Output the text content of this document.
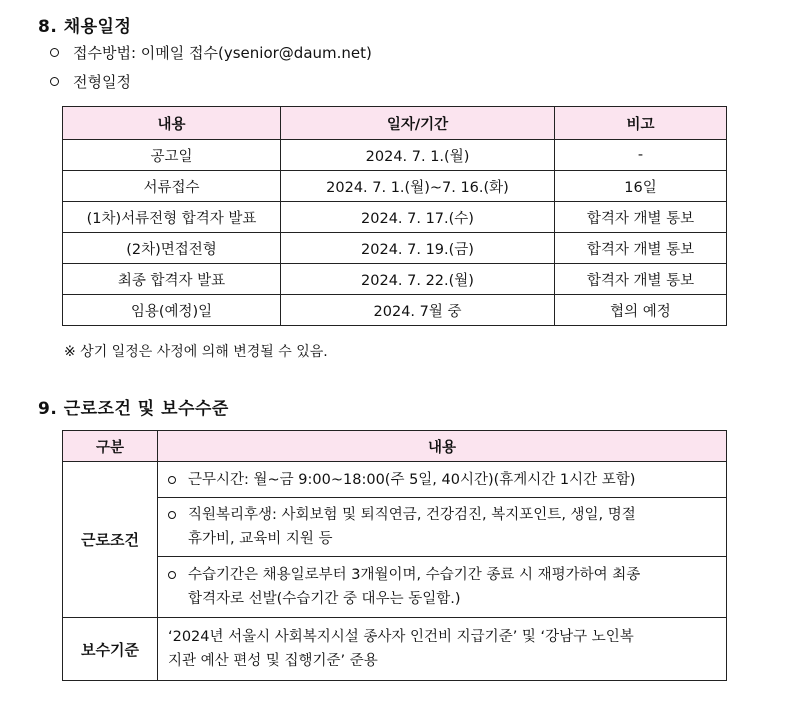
8. 채용일정
접수방법: 이메일 접수(ysenior@daum.net)
전형일정
내용	일자/기간	비고
공고일	2024. 7. 1.(월)	-
서류접수	2024. 7. 1.(월)~7. 16.(화)	16일
(1차)서류전형 합격자 발표	2024. 7. 17.(수)	합격자 개별 통보
(2차)면접전형	2024. 7. 19.(금)	합격자 개별 통보
최종 합격자 발표	2024. 7. 22.(월)	합격자 개별 통보
임용(예정)일	2024. 7월 중	협의 예정
※ 상기 일정은 사정에 의해 변경될 수 있음.
9. 근로조건 및 보수수준
구분	내용
근로조건	근무시간: 월~금 9:00~18:00(주 5일, 40시간)(휴게시간 1시간 포함)

	직원복리후생: 사회보험 및 퇴직연금, 건강검진, 복지포인트, 생일, 명절
휴가비, 교육비 지원 등

	수습기간은 채용일로부터 3개월이며, 수습기간 종료 시 재평가하여 최종
합격자로 선발(수습기간 중 대우는 동일함.)

보수기준	‘2024년 서울시 사회복지시설 종사자 인건비 지급기준’ 및 ‘강남구 노인복
지관 예산 편성 및 집행기준’ 준용
